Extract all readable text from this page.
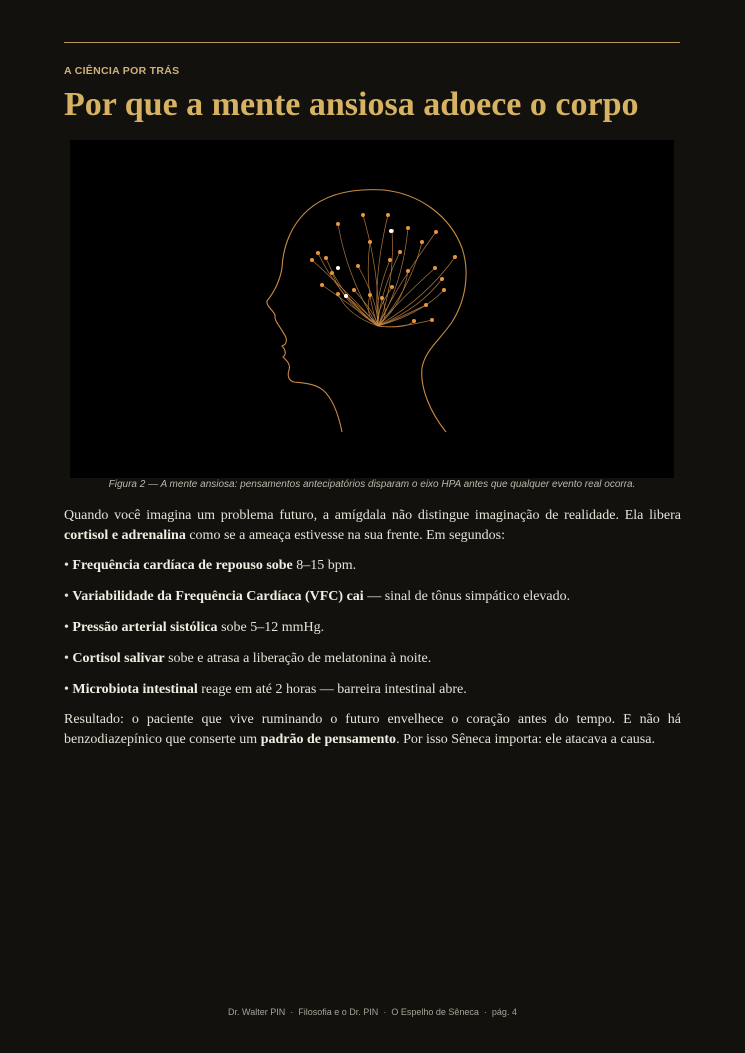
A CIÊNCIA POR TRÁS
Por que a mente ansiosa adoece o corpo
Figura 2 — A mente ansiosa: pensamentos antecipatórios disparam o eixo HPA antes que qualquer evento real ocorra.

Quando você imagina um problema futuro, a amígdala não distingue imaginação de realidade. Ela libera cortisol e adrenalina como se a ameaça estivesse na sua frente. Em segundos:

• Frequência cardíaca de repouso sobe 8–15 bpm.

• Variabilidade da Frequência Cardíaca (VFC) cai — sinal de tônus simpático elevado.

• Pressão arterial sistólica sobe 5–12 mmHg.

• Cortisol salivar sobe e atrasa a liberação de melatonina à noite.

• Microbiota intestinal reage em até 2 horas — barreira intestinal abre.

Resultado: o paciente que vive ruminando o futuro envelhece o coração antes do tempo. E não há benzodiazepínico que conserte um padrão de pensamento. Por isso Sêneca importa: ele atacava a causa.

Dr. Walter PIN · Filosofia e o Dr. PIN · O Espelho de Sêneca · pág. 4
